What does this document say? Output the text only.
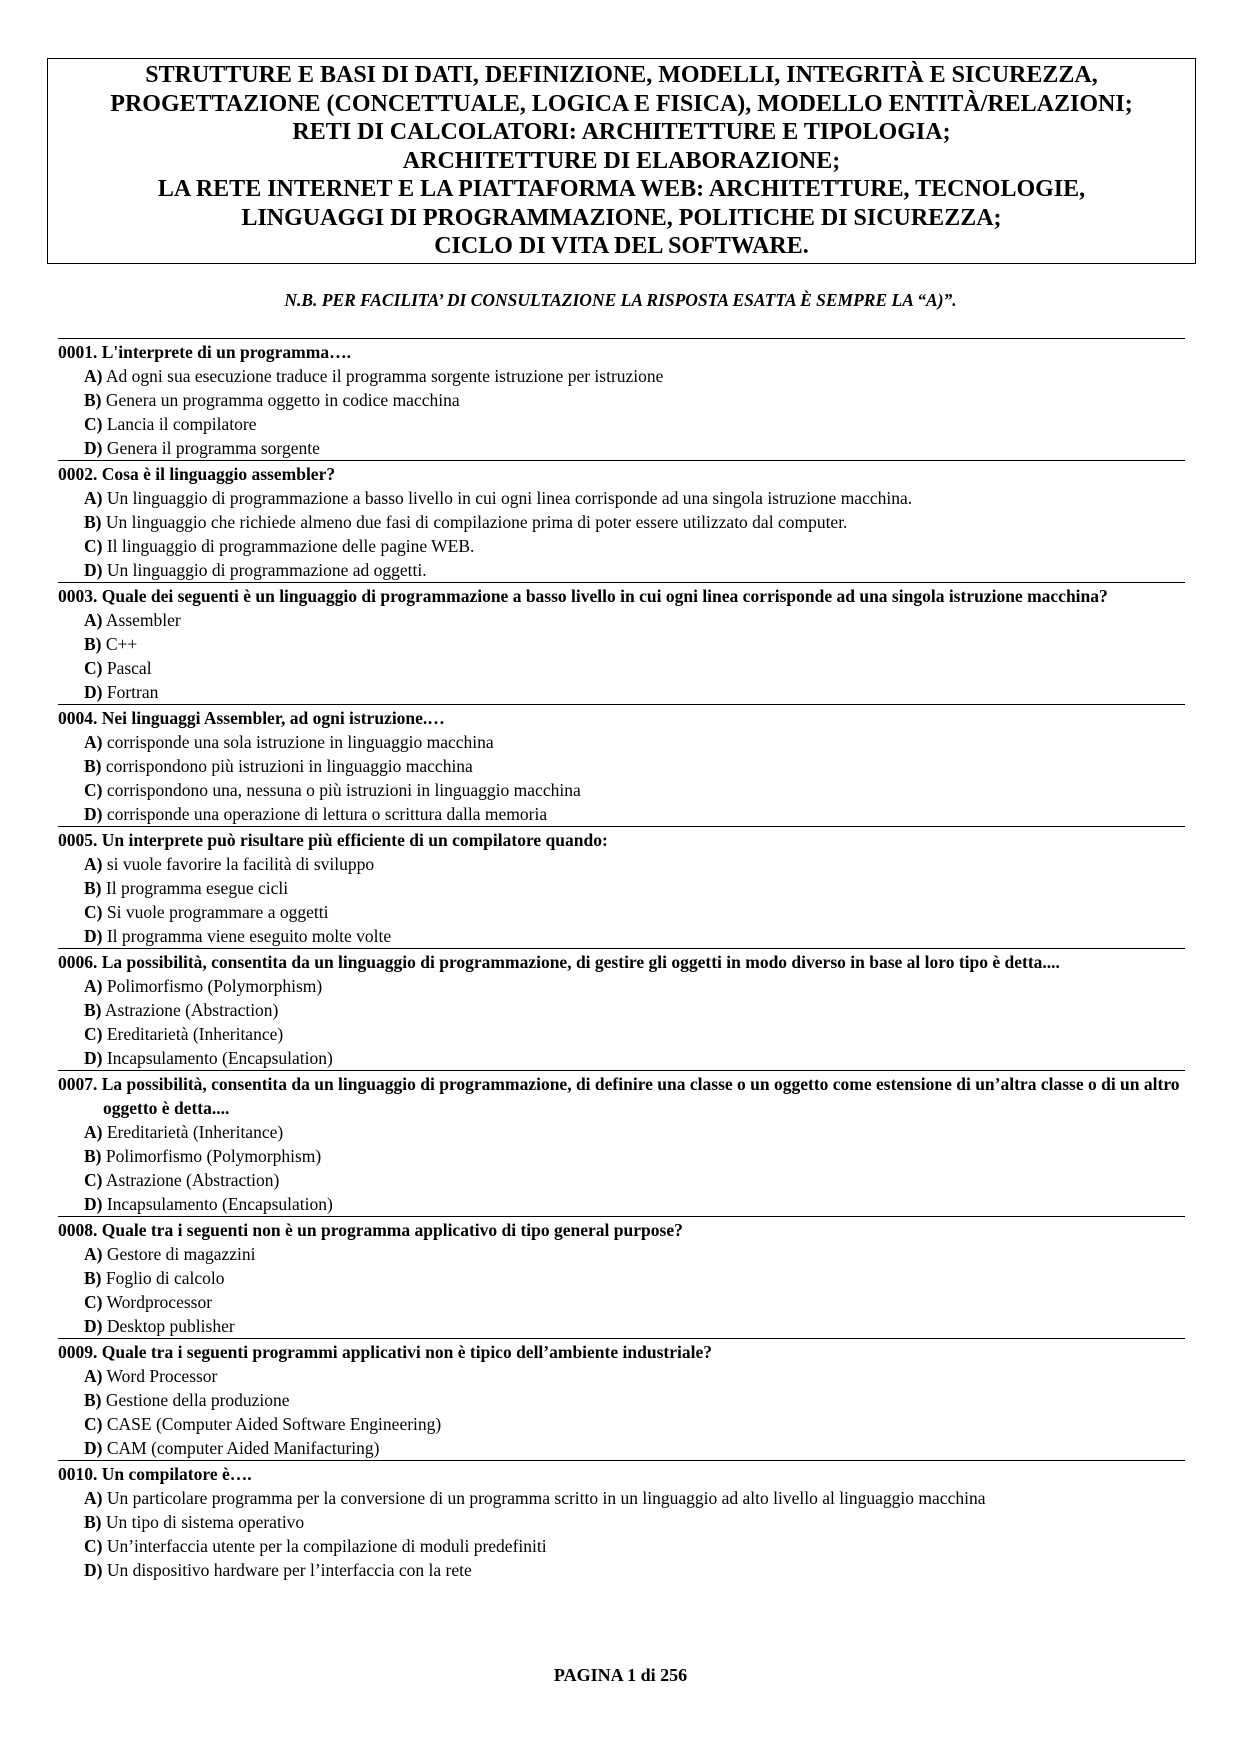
STRUTTURE E BASI DI DATI, DEFINIZIONE, MODELLI, INTEGRITÀ E SICUREZZA,
PROGETTAZIONE (CONCETTUALE, LOGICA E FISICA), MODELLO ENTITÀ/RELAZIONI;
RETI DI CALCOLATORI: ARCHITETTURE E TIPOLOGIA;
ARCHITETTURE DI ELABORAZIONE;
LA RETE INTERNET E LA PIATTAFORMA WEB: ARCHITETTURE, TECNOLOGIE,
LINGUAGGI DI PROGRAMMAZIONE, POLITICHE DI SICUREZZA;
CICLO DI VITA DEL SOFTWARE.
N.B. PER FACILITA’ DI CONSULTAZIONE LA RISPOSTA ESATTA È SEMPRE LA “A)”.
0001. L'interprete di un programma….
A) Ad ogni sua esecuzione traduce il programma sorgente istruzione per istruzione
B) Genera un programma oggetto in codice macchina
C) Lancia il compilatore
D) Genera il programma sorgente
0002. Cosa è il linguaggio assembler?
A) Un linguaggio di programmazione a basso livello in cui ogni linea corrisponde ad una singola istruzione macchina.
B) Un linguaggio che richiede almeno due fasi di compilazione prima di poter essere utilizzato dal computer.
C) Il linguaggio di programmazione delle pagine WEB.
D) Un linguaggio di programmazione ad oggetti.
0003. Quale dei seguenti è un linguaggio di programmazione a basso livello in cui ogni linea corrisponde ad una singola istruzione macchina?
A) Assembler
B) C++
C) Pascal
D) Fortran
0004. Nei linguaggi Assembler, ad ogni istruzione.…
A) corrisponde una sola istruzione in linguaggio macchina
B) corrispondono più istruzioni in linguaggio macchina
C) corrispondono una, nessuna o più istruzioni in linguaggio macchina
D) corrisponde una operazione di lettura o scrittura dalla memoria
0005. Un interprete può risultare più efficiente di un compilatore quando:
A) si vuole favorire la facilità di sviluppo
B) Il programma esegue cicli
C) Si vuole programmare a oggetti
D) Il programma viene eseguito molte volte
0006. La possibilità, consentita da un linguaggio di programmazione, di gestire gli oggetti in modo diverso in base al loro tipo è detta....
A) Polimorfismo (Polymorphism)
B) Astrazione (Abstraction)
C) Ereditarietà (Inheritance)
D) Incapsulamento (Encapsulation)
0007. La possibilità, consentita da un linguaggio di programmazione, di definire una classe o un oggetto come estensione di un’altra classe o di un altro oggetto è detta....
A) Ereditarietà (Inheritance)
B) Polimorfismo (Polymorphism)
C) Astrazione (Abstraction)
D) Incapsulamento (Encapsulation)
0008. Quale tra i seguenti non è un programma applicativo di tipo general purpose?
A) Gestore di magazzini
B) Foglio di calcolo
C) Wordprocessor
D) Desktop publisher
0009. Quale tra i seguenti programmi applicativi non è tipico dell’ambiente industriale?
A) Word Processor
B) Gestione della produzione
C) CASE (Computer Aided Software Engineering)
D) CAM (computer Aided Manifacturing)
0010. Un compilatore è….
A) Un particolare programma per la conversione di un programma scritto in un linguaggio ad alto livello al linguaggio macchina
B) Un tipo di sistema operativo
C) Un’interfaccia utente per la compilazione di moduli predefiniti
D) Un dispositivo hardware per l’interfaccia con la rete
PAGINA 1 di 256
